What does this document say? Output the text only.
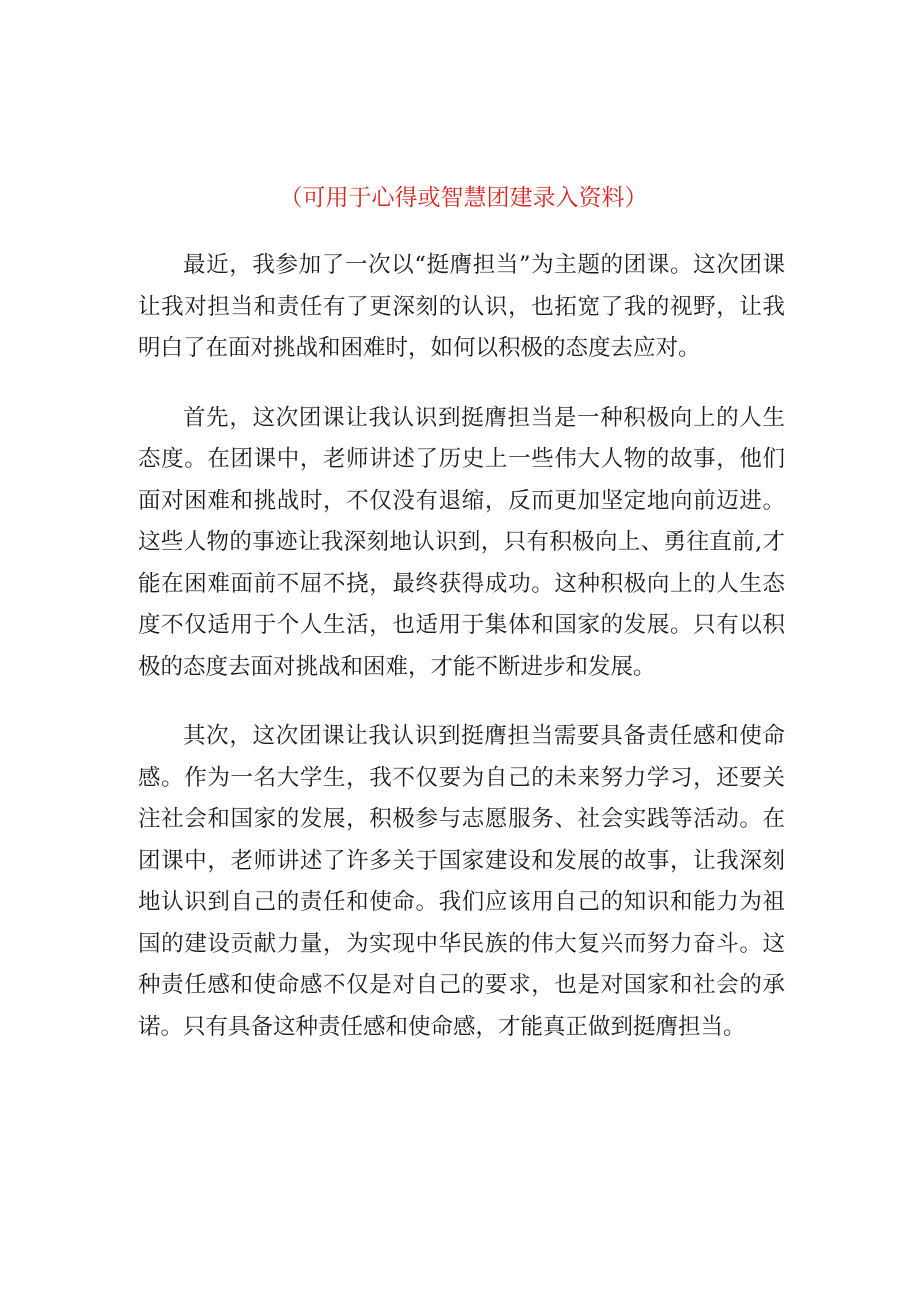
（可用于心得或智慧团建录入资料）

最近，我参加了一次以“挺膺担当”为主题的团课。这次团课让我对担当和责任有了更深刻的认识，也拓宽了我的视野，让我明白了在面对挑战和困难时，如何以积极的态度去应对。

首先，这次团课让我认识到挺膺担当是一种积极向上的人生态度。在团课中，老师讲述了历史上一些伟大人物的故事，他们面对困难和挑战时，不仅没有退缩，反而更加坚定地向前迈进。这些人物的事迹让我深刻地认识到，只有积极向上、勇往直前,才能在困难面前不屈不挠，最终获得成功。这种积极向上的人生态度不仅适用于个人生活，也适用于集体和国家的发展。只有以积极的态度去面对挑战和困难，才能不断进步和发展。

其次，这次团课让我认识到挺膺担当需要具备责任感和使命感。作为一名大学生，我不仅要为自己的未来努力学习，还要关注社会和国家的发展，积极参与志愿服务、社会实践等活动。在团课中，老师讲述了许多关于国家建设和发展的故事，让我深刻地认识到自己的责任和使命。我们应该用自己的知识和能力为祖国的建设贡献力量，为实现中华民族的伟大复兴而努力奋斗。这种责任感和使命感不仅是对自己的要求，也是对国家和社会的承诺。只有具备这种责任感和使命感，才能真正做到挺膺担当。
